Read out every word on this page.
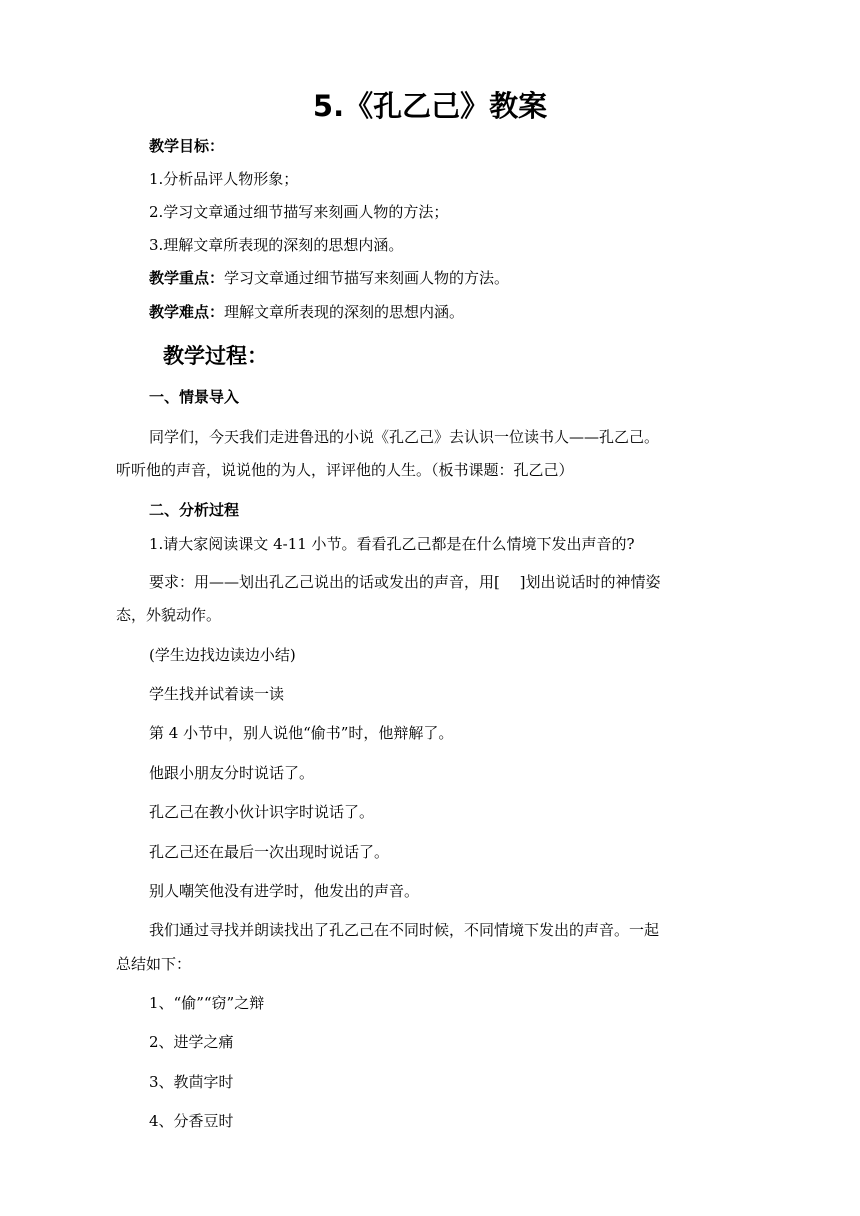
5.《孔乙己》教案
教学目标：
1.分析品评人物形象；
2.学习文章通过细节描写来刻画人物的方法；
3.理解文章所表现的深刻的思想内涵。
教学重点：学习文章通过细节描写来刻画人物的方法。
教学难点：理解文章所表现的深刻的思想内涵。
教学过程：
一、情景导入
同学们，今天我们走进鲁迅的小说《孔乙己》去认识一位读书人——孔乙己。
听听他的声音，说说他的为人，评评他的人生。（板书课题：孔乙己）
二、分析过程
1.请大家阅读课文 4-11 小节。看看孔乙己都是在什么情境下发出声音的?
要求：用——划出孔乙己说出的话或发出的声音，用[　 ]划出说话时的神情姿
态，外貌动作。
(学生边找边读边小结)
学生找并试着读一读
第 4 小节中，别人说他“偷书”时，他辩解了。
他跟小朋友分时说话了。
孔乙己在教小伙计识字时说话了。
孔乙己还在最后一次出现时说话了。
别人嘲笑他没有进学时，他发出的声音。
我们通过寻找并朗读找出了孔乙己在不同时候，不同情境下发出的声音。一起
总结如下：
1、“偷”“窃”之辩
2、进学之痛
3、教茴字时
4、分香豆时
